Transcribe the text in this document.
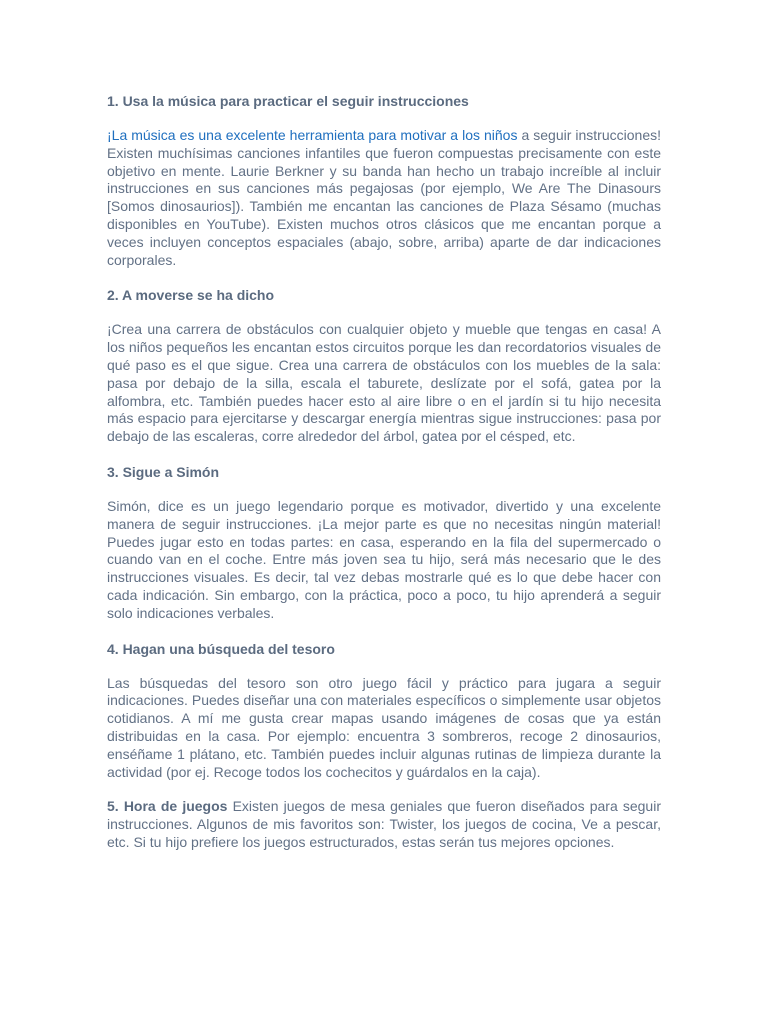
1. Usa la música para practicar el seguir instrucciones

¡La música es una excelente herramienta para motivar a los niños a seguir instrucciones! Existen muchísimas canciones infantiles que fueron compuestas precisamente con este objetivo en mente. Laurie Berkner y su banda han hecho un trabajo increíble al incluir instrucciones en sus canciones más pegajosas (por ejemplo, We Are The Dinasours [Somos dinosaurios]). También me encantan las canciones de Plaza Sésamo (muchas disponibles en YouTube). Existen muchos otros clásicos que me encantan porque a veces incluyen conceptos espaciales (abajo, sobre, arriba) aparte de dar indicaciones corporales.

2. A moverse se ha dicho

¡Crea una carrera de obstáculos con cualquier objeto y mueble que tengas en casa! A los niños pequeños les encantan estos circuitos porque les dan recordatorios visuales de qué paso es el que sigue. Crea una carrera de obstáculos con los muebles de la sala: pasa por debajo de la silla, escala el taburete, deslízate por el sofá, gatea por la alfombra, etc. También puedes hacer esto al aire libre o en el jardín si tu hijo necesita más espacio para ejercitarse y descargar energía mientras sigue instrucciones: pasa por debajo de las escaleras, corre alrededor del árbol, gatea por el césped, etc.

3. Sigue a Simón

Simón, dice es un juego legendario porque es motivador, divertido y una excelente manera de seguir instrucciones. ¡La mejor parte es que no necesitas ningún material! Puedes jugar esto en todas partes: en casa, esperando en la fila del supermercado o cuando van en el coche. Entre más joven sea tu hijo, será más necesario que le des instrucciones visuales. Es decir, tal vez debas mostrarle qué es lo que debe hacer con cada indicación. Sin embargo, con la práctica, poco a poco, tu hijo aprenderá a seguir solo indicaciones verbales.

4. Hagan una búsqueda del tesoro

Las búsquedas del tesoro son otro juego fácil y práctico para jugara a seguir indicaciones. Puedes diseñar una con materiales específicos o simplemente usar objetos cotidianos. A mí me gusta crear mapas usando imágenes de cosas que ya están distribuidas en la casa. Por ejemplo: encuentra 3 sombreros, recoge 2 dinosaurios, enséñame 1 plátano, etc. También puedes incluir algunas rutinas de limpieza durante la actividad (por ej. Recoge todos los cochecitos y guárdalos en la caja).

5. Hora de juegos Existen juegos de mesa geniales que fueron diseñados para seguir instrucciones. Algunos de mis favoritos son: Twister, los juegos de cocina, Ve a pescar, etc. Si tu hijo prefiere los juegos estructurados, estas serán tus mejores opciones.
